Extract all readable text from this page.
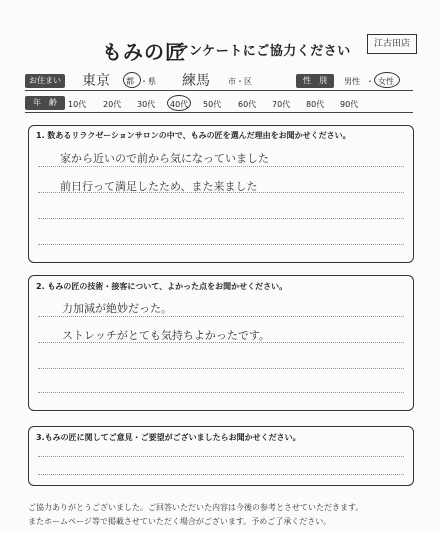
もみの匠
アンケートにご協力ください	江古田店
お住まい 東京 都 ・県 練馬 市・区	性　別	男性 ・ 女性
年　齢	10代 20代 30代 40代 50代 60代 70代 80代 90代
1. 数あるリラクゼーションサロンの中で、もみの匠を選んだ理由をお聞かせください。
家から近いので前から気になっていました
前日行って満足したため、また来ました
2. もみの匠の技術・接客について、よかった点をお聞かせください。
力加減が絶妙だった。
ストレッチがとても気持ちよかったです。
3.もみの匠に関してご意見・ご要望がございましたらお聞かせください。
ご協力ありがとうございました。ご回答いただいた内容は今後の参考とさせていただきます。
またホームページ等で掲載させていただく場合がございます。予めご了承ください。
